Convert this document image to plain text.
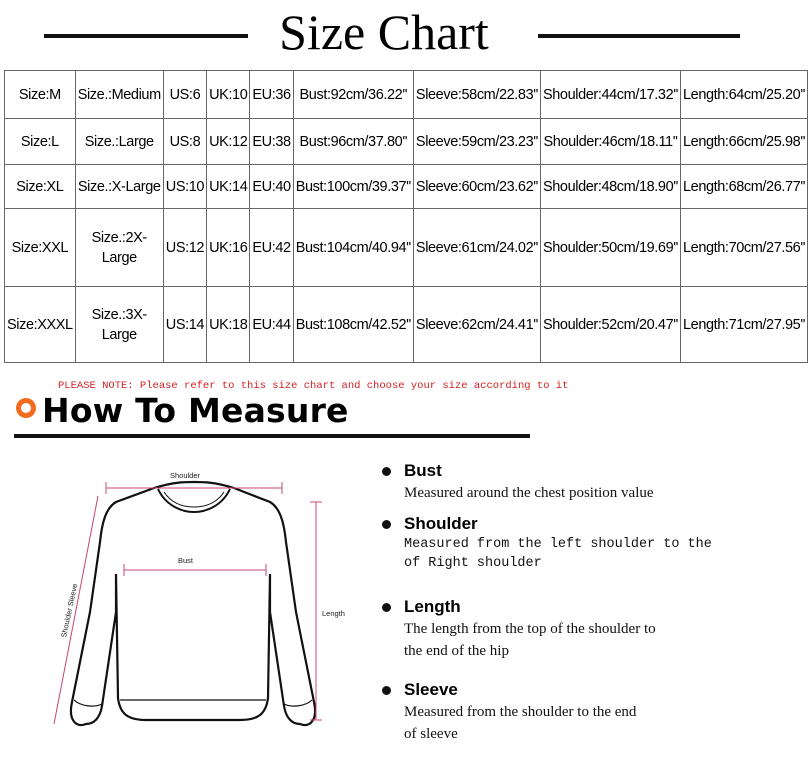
Size Chart
Size:M	Size.:Medium	US:6	UK:10	EU:36	Bust:92cm/36.22''	Sleeve:58cm/22.83''	Shoulder:44cm/17.32''	Length:64cm/25.20''
Size:L	Size.:Large	US:8	UK:12	EU:38	Bust:96cm/37.80''	Sleeve:59cm/23.23''	Shoulder:46cm/18.11''	Length:66cm/25.98''
Size:XL	Size.:X-Large	US:10	UK:14	EU:40	Bust:100cm/39.37''	Sleeve:60cm/23.62''	Shoulder:48cm/18.90''	Length:68cm/26.77''
Size:XXL	Size.:2X-Large	US:12	UK:16	EU:42	Bust:104cm/40.94''	Sleeve:61cm/24.02''	Shoulder:50cm/19.69''	Length:70cm/27.56''
Size:XXXL	Size.:3X-Large	US:14	UK:18	EU:44	Bust:108cm/42.52''	Sleeve:62cm/24.41''	Shoulder:52cm/20.47''	Length:71cm/27.95''
PLEASE NOTE: Please refer to this size chart and choose your size according to it
How To Measure
Shoulder
Bust
Length
Shoulder Sleeve
Bust
Measured around the chest position value
Shoulder
Measured from the left shoulder to the
of Right shoulder
Length
The length from the top of the shoulder to
the end of the hip
Sleeve
Measured from the shoulder to the end
of sleeve
